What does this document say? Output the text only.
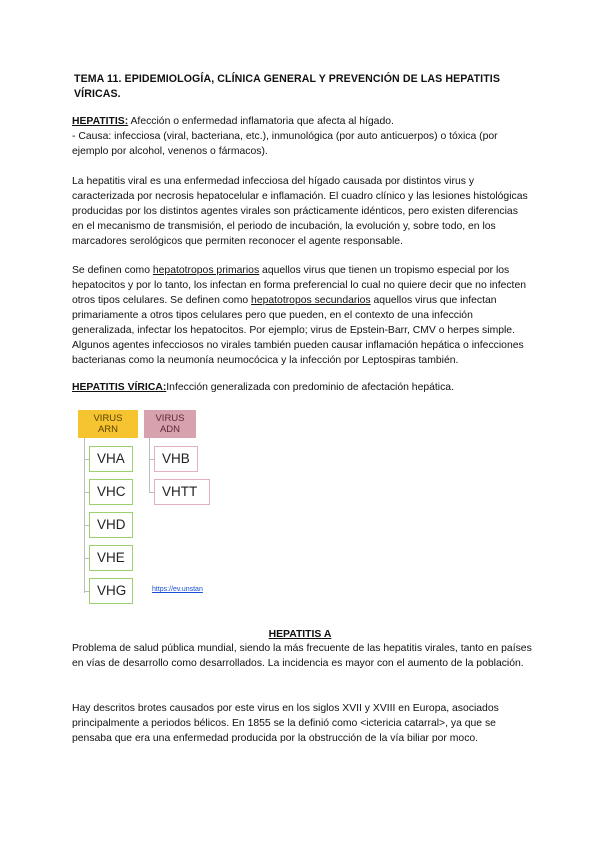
TEMA 11. EPIDEMIOLOGÍA, CLÍNICA GENERAL Y PREVENCIÓN DE LAS HEPATITIS VÍRICAS.

HEPATITIS: Afección o enfermedad inflamatoria que afecta al hígado.

- Causa: infecciosa (viral, bacteriana, etc.), inmunológica (por auto anticuerpos) o tóxica (por ejemplo por alcohol, venenos o fármacos).

La hepatitis viral es una enfermedad infecciosa del hígado causada por distintos virus y caracterizada por necrosis hepatocelular e inflamación. El cuadro clínico y las lesiones histológicas producidas por los distintos agentes virales son prácticamente idénticos, pero existen diferencias en el mecanismo de transmisión, el periodo de incubación, la evolución y, sobre todo, en los marcadores serológicos que permiten reconocer el agente responsable.
Se definen como hepatotropos primarios aquellos virus que tienen un tropismo especial por los hepatocitos y por lo tanto, los infectan en forma preferencial lo cual no quiere decir que no infecten otros tipos celulares. Se definen como hepatotropos secundarios aquellos virus que infectan primariamente a otros tipos celulares pero que pueden, en el contexto de una infección generalizada, infectar los hepatocitos. Por ejemplo; virus de Epstein-Barr, CMV o herpes simple. Algunos agentes infecciosos no virales también pueden causar inflamación hepática o infecciones bacterianas como la neumonía neumocócica y la infección por Leptospiras también.
HEPATITIS VÍRICA:Infección generalizada con predominio de afectación hepática.
VIRUS
ARN
VIRUS
ADN
VHA
VHC
VHD
VHE
VHG
VHB
VHTT
https://ev.unstan
HEPATITIS A
Problema de salud pública mundial, siendo la más frecuente de las hepatitis virales, tanto en países en vías de desarrollo como desarrollados. La incidencia es mayor con el aumento de la población.
Hay descritos brotes causados por este virus en los siglos XVII y XVIII en Europa, asociados principalmente a periodos bélicos. En 1855 se la definió como <ictericia catarral>, ya que se pensaba que era una enfermedad producida por la obstrucción de la vía biliar por moco.
